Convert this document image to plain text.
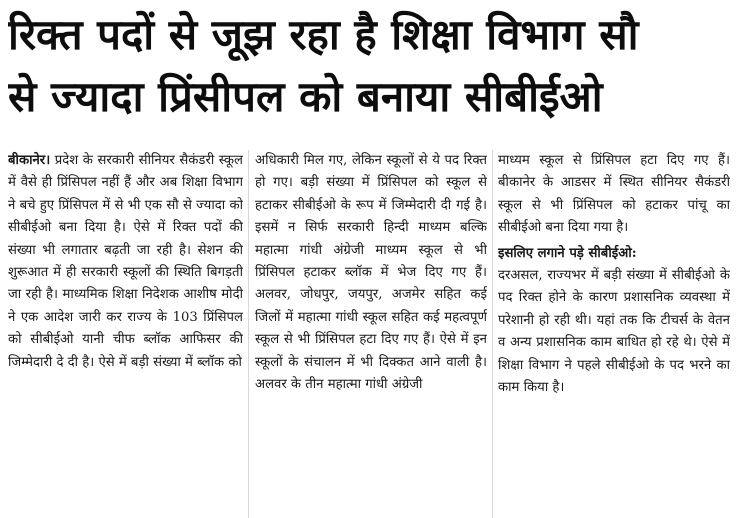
रिक्त पदों से जूझ रहा है शिक्षा विभाग सौ
से ज्यादा प्रिंसीपल को बनाया सीबीईओ

बीकानेर। प्रदेश के सरकारी सीनियर सैकंडरी स्कूल में वैसे ही प्रिंसिपल नहीं हैं और अब शिक्षा विभाग ने बचे हुए प्रिंसिपल में से भी एक सौ से ज्यादा को सीबीईओ बना दिया है। ऐसे में रिक्त पदों की संख्या भी लगातार बढ़ती जा रही है। सेशन की शुरूआत में ही सरकारी स्कूलों की स्थिति बिगड़ती जा रही है। माध्यमिक शिक्षा निदेशक आशीष मोदी ने एक आदेश जारी कर राज्य के 103 प्रिंसिपल को सीबीईओ यानी चीफ ब्लॉक आफिसर की जिम्मेदारी दे दी है। ऐसे में बड़ी संख्या में ब्लॉक को

अधिकारी मिल गए, लेकिन स्कूलों से ये पद रिक्त हो गए। बड़ी संख्या में प्रिंसिपल को स्कूल से हटाकर सीबीईओ के रूप में जिम्मेदारी दी गई है। इसमें न सिर्फ सरकारी हिन्दी माध्यम बल्कि महात्मा गांधी अंग्रेजी माध्यम स्कूल से भी प्रिंसिपल हटाकर ब्लॉक में भेज दिए गए हैं। अलवर, जोधपुर, जयपुर, अजमेर सहित कई जिलों में महात्मा गांधी स्कूल सहित कई महत्वपूर्ण स्कूल से भी प्रिंसिपल हटा दिए गए हैं। ऐसे में इन स्कूलों के संचालन में भी दिक्कत आने वाली है। अलवर के तीन महात्मा गांधी अंग्रेजी

माध्यम स्कूल से प्रिंसिपल हटा दिए गए हैं। बीकानेर के आडसर में स्थित सीनियर सैकंडरी स्कूल से भी प्रिंसिपल को हटाकर पांचू का सीबीईओ बना दिया गया है।

इसलिए लगाने पड़े सीबीईओ:

दरअसल, राज्यभर में बड़ी संख्या में सीबीईओ के पद रिक्त होने के कारण प्रशासनिक व्यवस्था में परेशानी हो रही थी। यहां तक कि टीचर्स के वेतन व अन्य प्रशासनिक काम बाधित हो रहे थे। ऐसे में शिक्षा विभाग ने पहले सीबीईओ के पद भरने का काम किया है।
